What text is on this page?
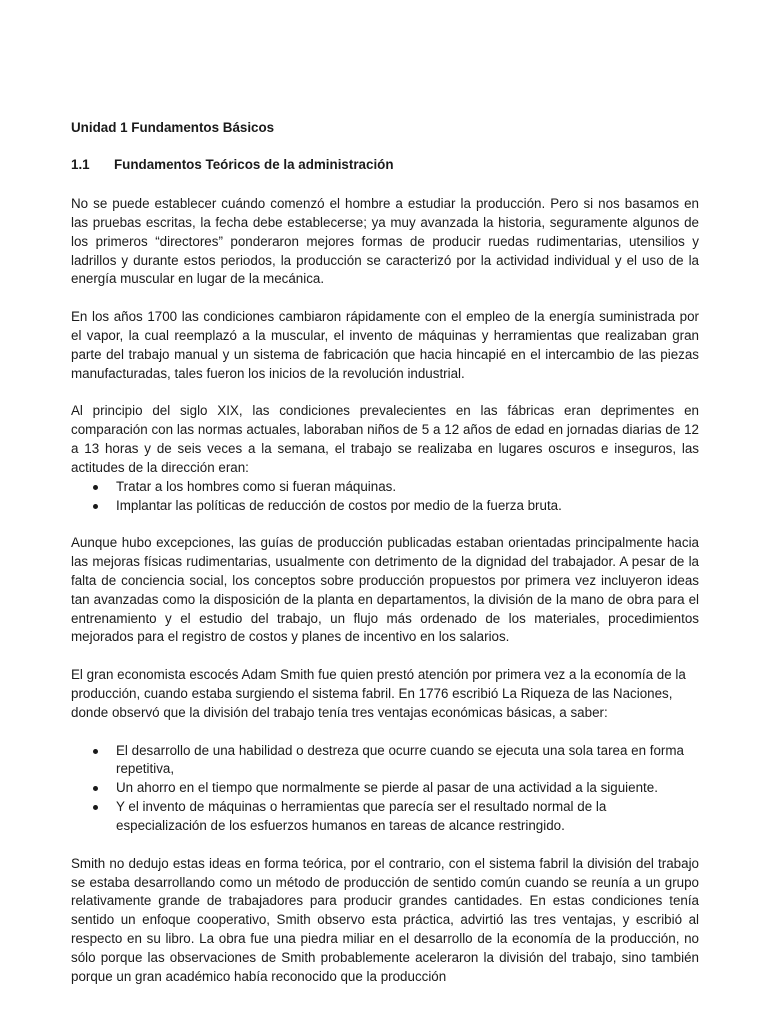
Unidad 1 Fundamentos Básicos
1.1 Fundamentos Teóricos de la administración

No se puede establecer cuándo comenzó el hombre a estudiar la producción. Pero si nos basamos en las pruebas escritas, la fecha debe establecerse; ya muy avanzada la historia, seguramente algunos de los primeros “directores” ponderaron mejores formas de producir ruedas rudimentarias, utensilios y ladrillos y durante estos periodos, la producción se caracterizó por la actividad individual y el uso de la energía muscular en lugar de la mecánica.

En los años 1700 las condiciones cambiaron rápidamente con el empleo de la energía suministrada por el vapor, la cual reemplazó a la muscular, el invento de máquinas y herramientas que realizaban gran parte del trabajo manual y un sistema de fabricación que hacia hincapié en el intercambio de las piezas manufacturadas, tales fueron los inicios de la revolución industrial.

Al principio del siglo XIX, las condiciones prevalecientes en las fábricas eran deprimentes en comparación con las normas actuales, laboraban niños de 5 a 12 años de edad en jornadas diarias de 12 a 13 horas y de seis veces a la semana, el trabajo se realizaba en lugares oscuros e inseguros, las actitudes de la dirección eran:

Tratar a los hombres como si fueran máquinas.
Implantar las políticas de reducción de costos por medio de la fuerza bruta.

Aunque hubo excepciones, las guías de producción publicadas estaban orientadas principalmente hacia las mejoras físicas rudimentarias, usualmente con detrimento de la dignidad del trabajador. A pesar de la falta de conciencia social, los conceptos sobre producción propuestos por primera vez incluyeron ideas tan avanzadas como la disposición de la planta en departamentos, la división de la mano de obra para el entrenamiento y el estudio del trabajo, un flujo más ordenado de los materiales, procedimientos mejorados para el registro de costos y planes de incentivo en los salarios.

El gran economista escocés Adam Smith fue quien prestó atención por primera vez a la economía de la producción, cuando estaba surgiendo el sistema fabril. En 1776 escribió La Riqueza de las Naciones, donde observó que la división del trabajo tenía tres ventajas económicas básicas, a saber:

El desarrollo de una habilidad o destreza que ocurre cuando se ejecuta una sola tarea en forma repetitiva,
Un ahorro en el tiempo que normalmente se pierde al pasar de una actividad a la siguiente.
Y el invento de máquinas o herramientas que parecía ser el resultado normal de la especialización de los esfuerzos humanos en tareas de alcance restringido.

Smith no dedujo estas ideas en forma teórica, por el contrario, con el sistema fabril la división del trabajo se estaba desarrollando como un método de producción de sentido común cuando se reunía a un grupo relativamente grande de trabajadores para producir grandes cantidades. En estas condiciones tenía sentido un enfoque cooperativo, Smith observo esta práctica, advirtió las tres ventajas, y escribió al respecto en su libro. La obra fue una piedra miliar en el desarrollo de la economía de la producción, no sólo porque las observaciones de Smith probablemente aceleraron la división del trabajo, sino también porque un gran académico había reconocido que la producción
